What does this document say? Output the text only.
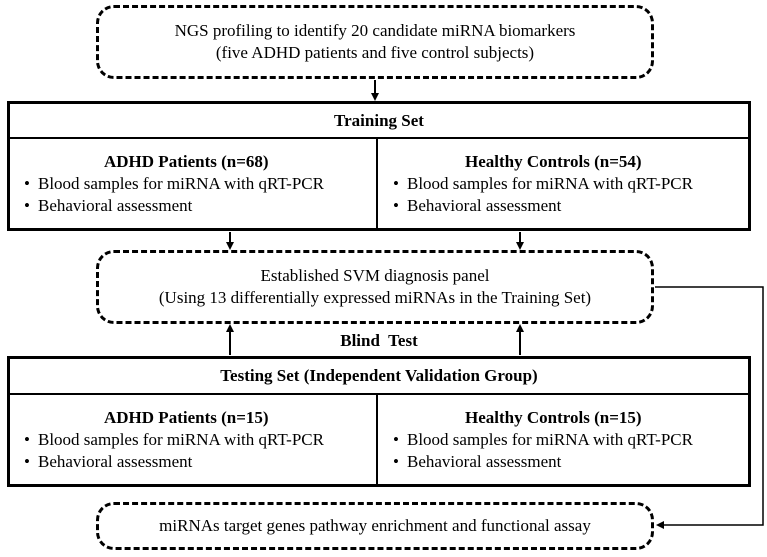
NGS profiling to identify 20 candidate miRNA biomarkers
(five ADHD patients and five control subjects)
Training Set
ADHD Patients (n=68)
• Blood samples for miRNA with qRT-PCR
• Behavioral assessment
Healthy Controls (n=54)
• Blood samples for miRNA with qRT-PCR
• Behavioral assessment
Established SVM diagnosis panel
(Using 13 differentially expressed miRNAs in the Training Set)
Blind  Test
Testing Set (Independent Validation Group)
ADHD Patients (n=15)
• Blood samples for miRNA with qRT-PCR
• Behavioral assessment
Healthy Controls (n=15)
• Blood samples for miRNA with qRT-PCR
• Behavioral assessment
miRNAs target genes pathway enrichment and functional assay
